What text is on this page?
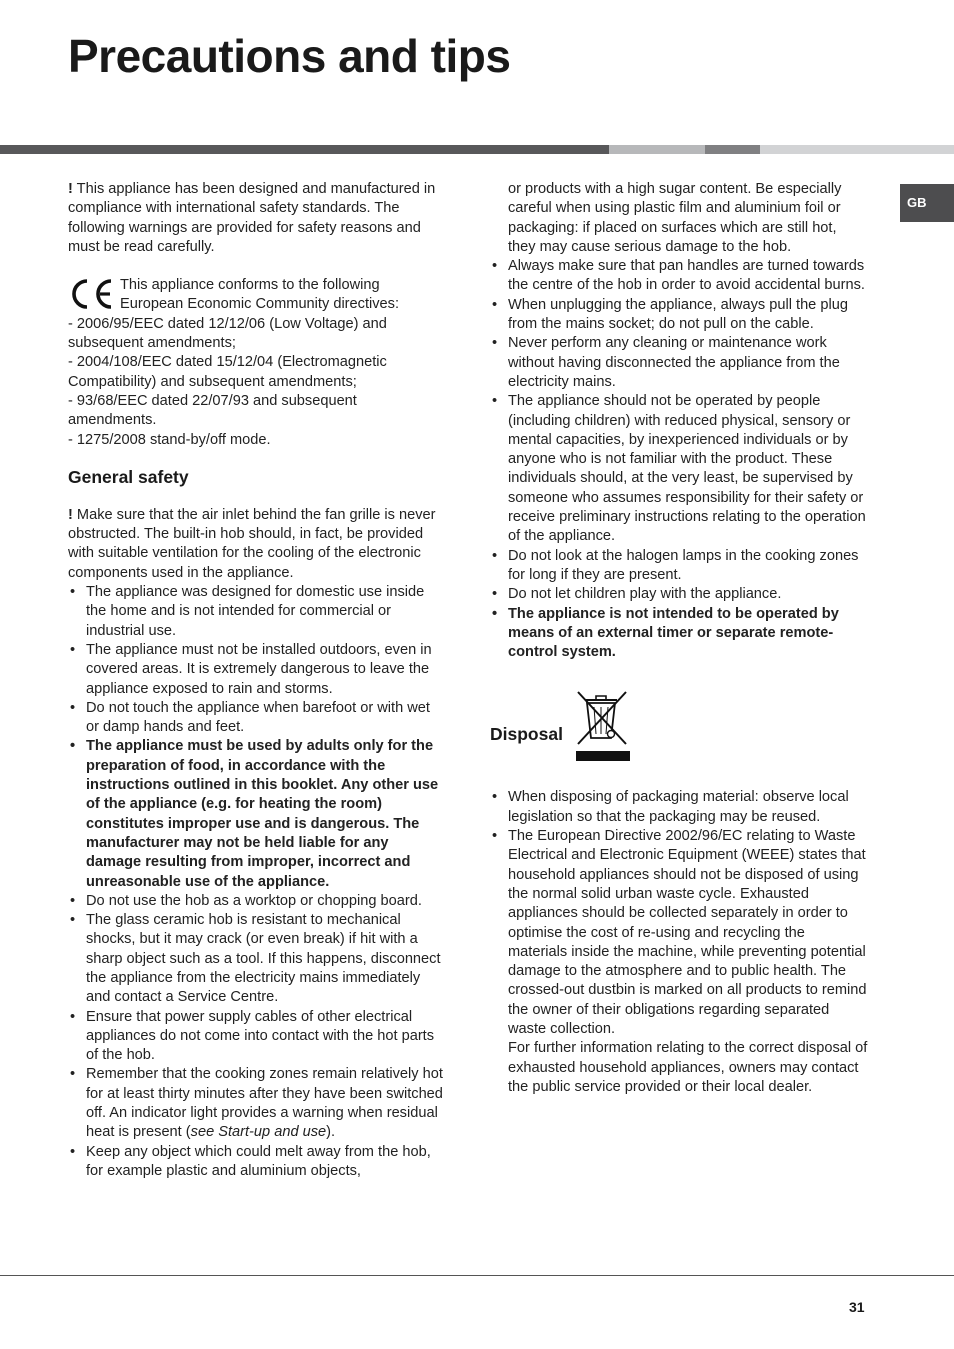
Precautions and tips
GB

! This appliance has been designed and manufactured in compliance with international safety standards. The following warnings are provided for safety reasons and must be read carefully.

This appliance conforms to the following European Economic Community directives:

- 2006/95/EEC dated 12/12/06 (Low Voltage) and subsequent amendments;

- 2004/108/EEC dated 15/12/04 (Electromagnetic Compatibility) and subsequent amendments;

- 93/68/EEC dated 22/07/93 and subsequent amendments.

- 1275/2008 stand-by/off mode.

General safety

! Make sure that the air inlet behind the fan grille is never obstructed. The built-in hob should, in fact, be provided with suitable ventilation for the cooling of the electronic components used in the appliance.

• The appliance was designed for domestic use inside the home and is not intended for commercial or industrial use.
• The appliance must not be installed outdoors, even in covered areas. It is extremely dangerous to leave the appliance exposed to rain and storms.
• Do not touch the appliance when barefoot or with wet or damp hands and feet.
• The appliance must be used by adults only for the preparation of food, in accordance with the instructions outlined in this booklet. Any other use of the appliance (e.g. for heating the room) constitutes improper use and is dangerous. The manufacturer may not be held liable for any damage resulting from improper, incorrect and unreasonable use of the appliance.
• Do not use the hob as a worktop or chopping board.
• The glass ceramic hob is resistant to mechanical shocks, but it may crack (or even break) if hit with a sharp object such as a tool. If this happens, disconnect the appliance from the electricity mains immediately and contact a Service Centre.
• Ensure that power supply cables of other electrical appliances do not come into contact with the hot parts of the hob.
• Remember that the cooking zones remain relatively hot for at least thirty minutes after they have been switched off. An indicator light provides a warning when residual heat is present (see Start-up and use).
• Keep any object which could melt away from the hob, for example plastic and aluminium objects,
or products with a high sugar content. Be especially careful when using plastic film and aluminium foil or packaging: if placed on surfaces which are still hot, they may cause serious damage to the hob.
• Always make sure that pan handles are turned towards the centre of the hob in order to avoid accidental burns.
• When unplugging the appliance, always pull the plug from the mains socket; do not pull on the cable.
• Never perform any cleaning or maintenance work without having disconnected the appliance from the electricity mains.
• The appliance should not be operated by people (including children) with reduced physical, sensory or mental capacities, by inexperienced individuals or by anyone who is not familiar with the product. These individuals should, at the very least, be supervised by someone who assumes responsibility for their safety or receive preliminary instructions relating to the operation of the appliance.
• Do not look at the halogen lamps in the cooking zones for long if they are present.
• Do not let children play with the appliance.
• The appliance is not intended to be operated by means of an external timer or separate remote-control system.
Disposal
• When disposing of packaging material: observe local legislation so that the packaging may be reused.
• The European Directive 2002/96/EC relating to Waste Electrical and Electronic Equipment (WEEE) states that household appliances should not be disposed of using the normal solid urban waste cycle. Exhausted appliances should be collected separately in order to optimise the cost of re-using and recycling the materials inside the machine, while preventing potential damage to the atmosphere and to public health. The crossed-out dustbin is marked on all products to remind the owner of their obligations regarding separated waste collection.
For further information relating to the correct disposal of exhausted household appliances, owners may contact the public service provided or their local dealer.
31
